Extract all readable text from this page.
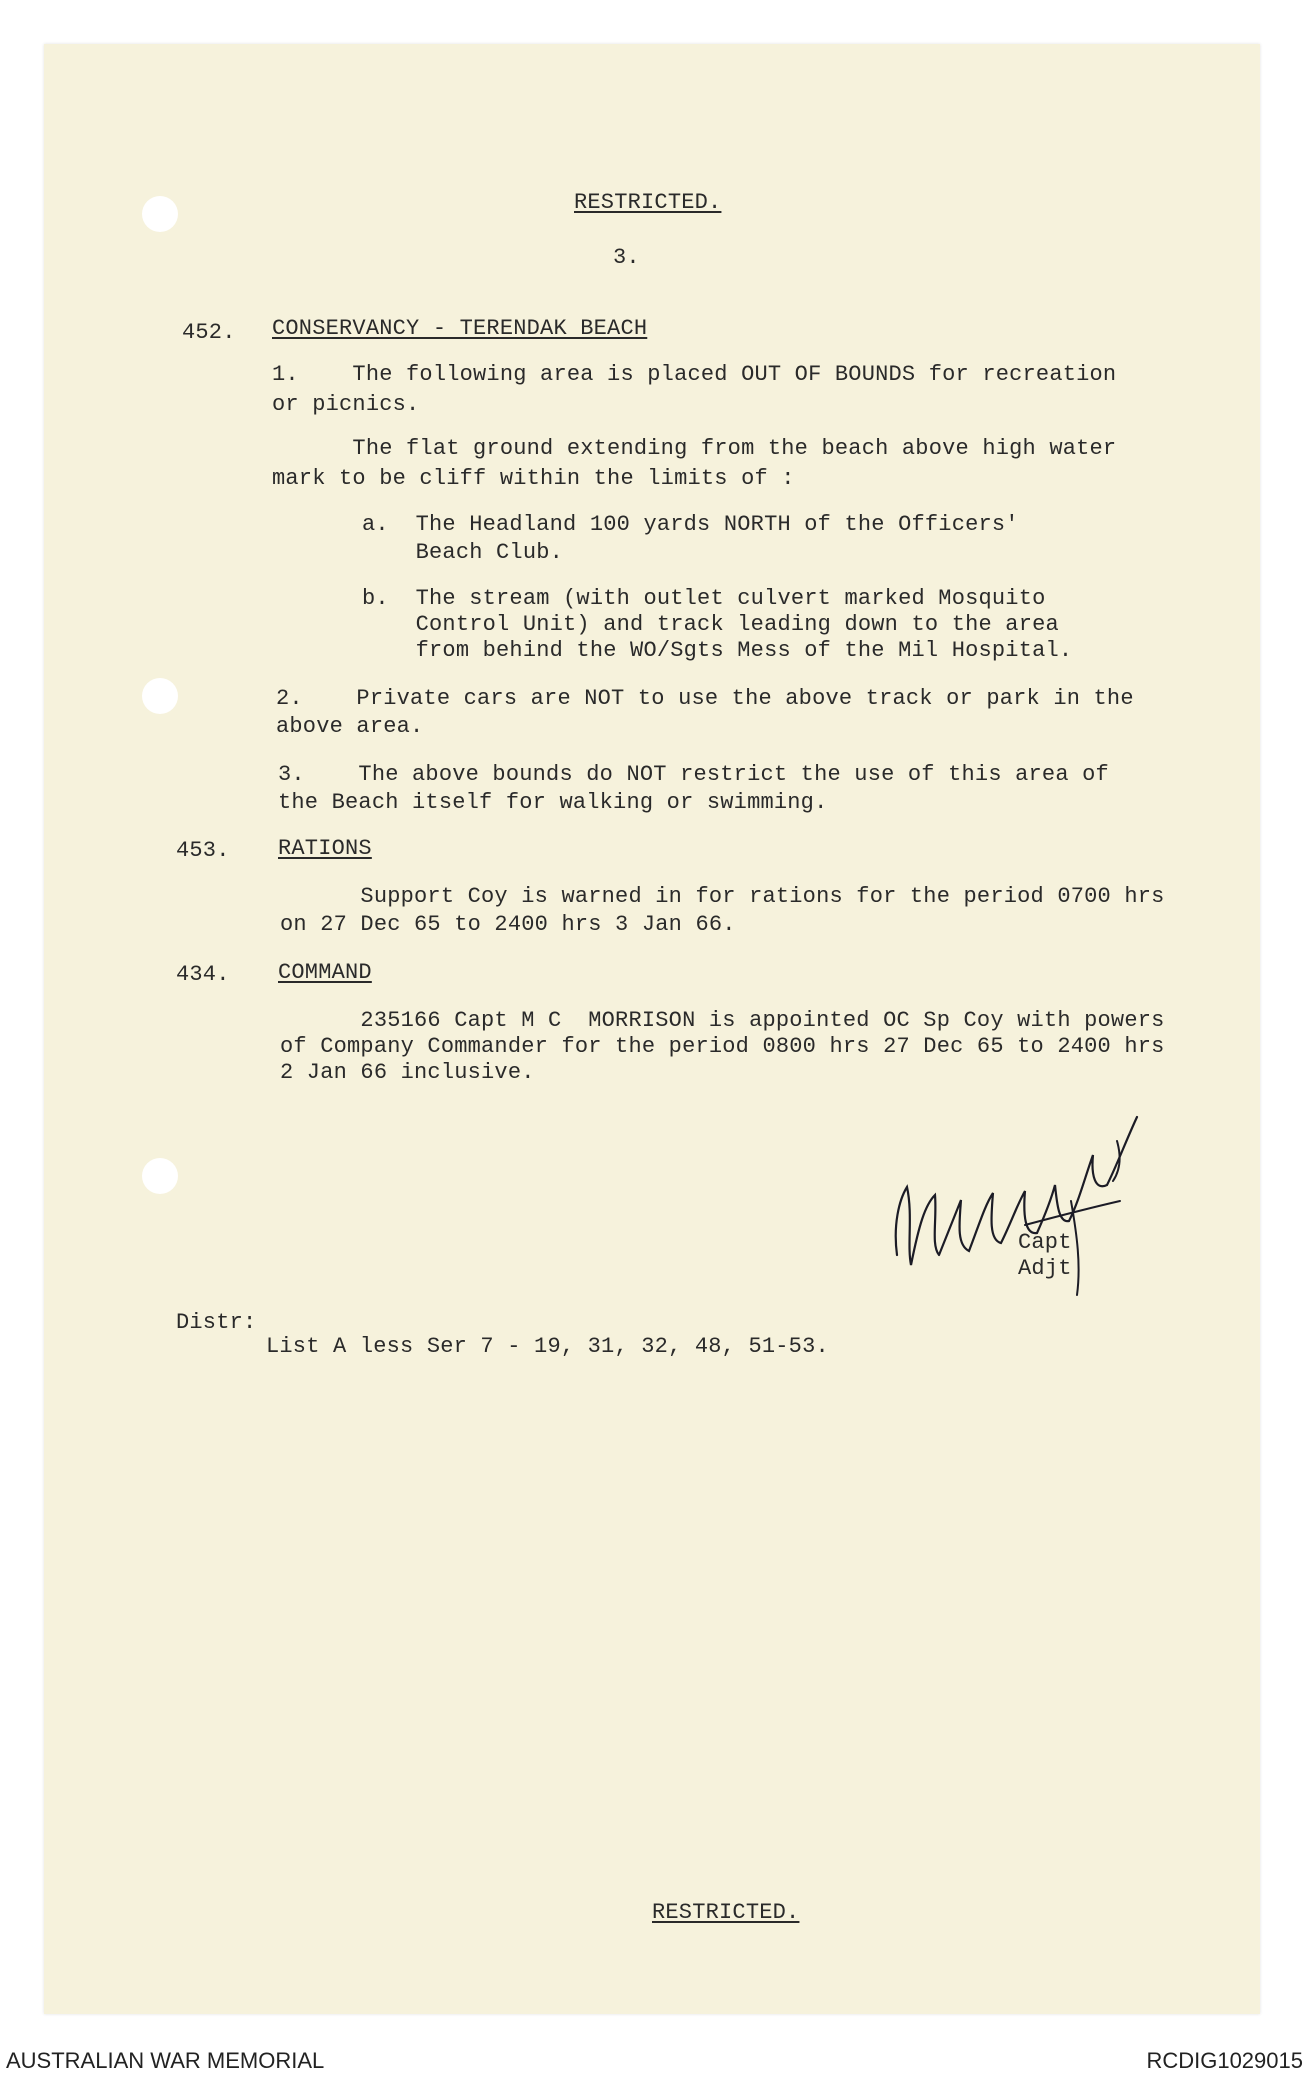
RESTRICTED.
3.
452. CONSERVANCY - TERENDAK BEACH
1.    The following area is placed OUT OF BOUNDS for recreation
or picnics.
The flat ground extending from the beach above high water
mark to be cliff within the limits of :
a.  The Headland 100 yards NORTH of the Officers'
Beach Club.
b.  The stream (with outlet culvert marked Mosquito
Control Unit) and track leading down to the area
from behind the WO/Sgts Mess of the Mil Hospital.
2.    Private cars are NOT to use the above track or park in the
above area.
3.    The above bounds do NOT restrict the use of this area of
the Beach itself for walking or swimming.
453. RATIONS
Support Coy is warned in for rations for the period 0700 hrs
on 27 Dec 65 to 2400 hrs 3 Jan 66.
434. COMMAND
235166 Capt M C  MORRISON is appointed OC Sp Coy with powers
of Company Commander for the period 0800 hrs 27 Dec 65 to 2400 hrs
2 Jan 66 inclusive.
Capt
Adjt
Distr:
List A less Ser 7 - 19, 31, 32, 48, 51-53.
RESTRICTED.
AUSTRALIAN WAR MEMORIAL	RCDIG1029015
